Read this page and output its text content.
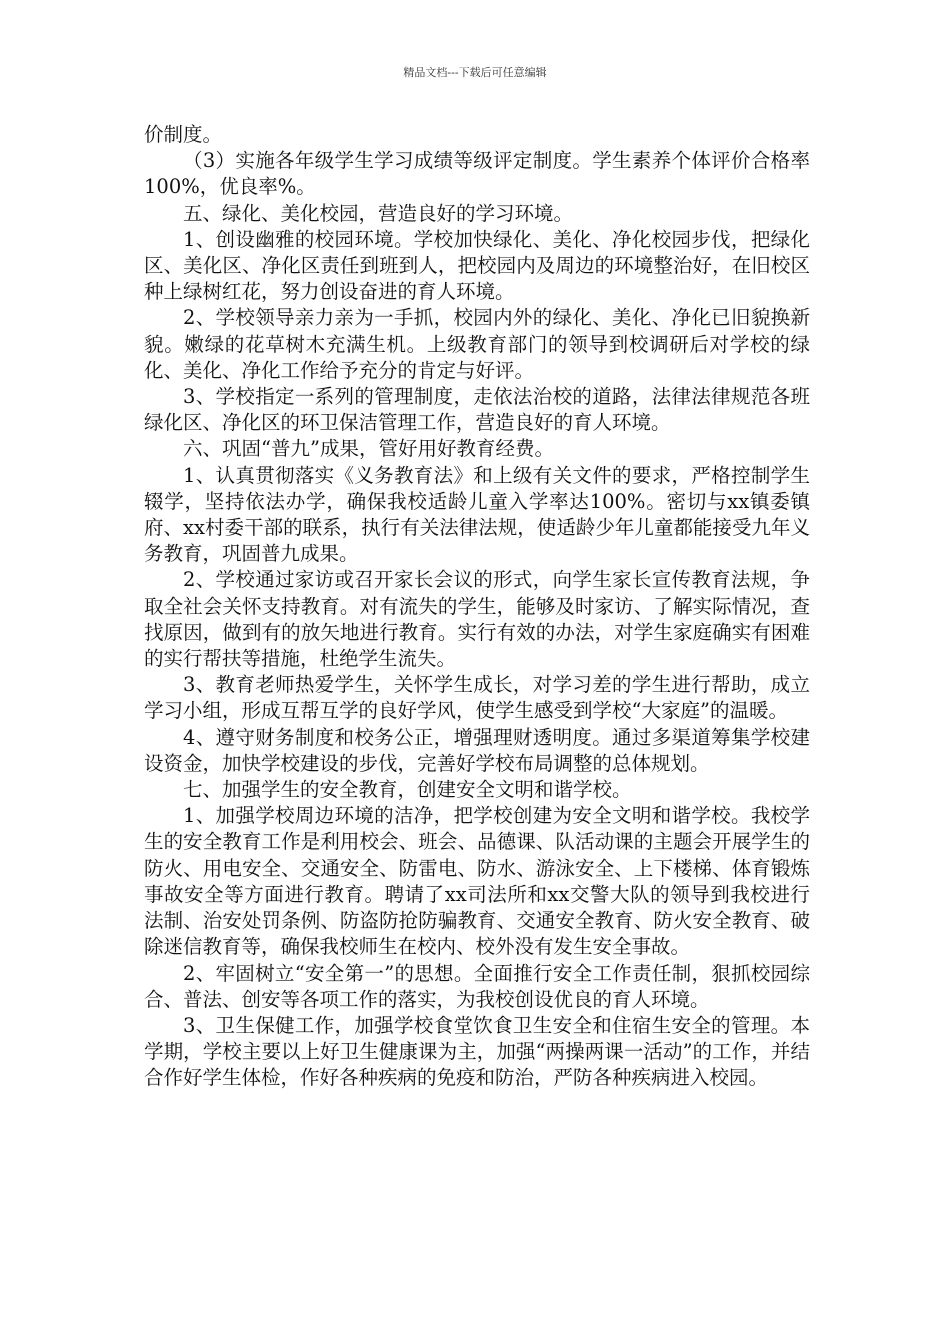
精品文档---下载后可任意编辑

价制度。

（3）实施各年级学生学习成绩等级评定制度。学生素养个体评价合格率100%，优良率%。

五、绿化、美化校园，营造良好的学习环境。

1、创设幽雅的校园环境。学校加快绿化、美化、净化校园步伐，把绿化区、美化区、净化区责任到班到人，把校园内及周边的环境整治好，在旧校区种上绿树红花，努力创设奋进的育人环境。

2、学校领导亲力亲为一手抓，校园内外的绿化、美化、净化已旧貌换新貌。嫩绿的花草树木充满生机。上级教育部门的领导到校调研后对学校的绿化、美化、净化工作给予充分的肯定与好评。

3、学校指定一系列的管理制度，走依法治校的道路，法律法律规范各班绿化区、净化区的环卫保洁管理工作，营造良好的育人环境。

六、巩固“普九”成果，管好用好教育经费。

1、认真贯彻落实《义务教育法》和上级有关文件的要求，严格控制学生辍学，坚持依法办学，确保我校适龄儿童入学率达100%。密切与xx镇委镇府、xx村委干部的联系，执行有关法律法规，使适龄少年儿童都能接受九年义务教育，巩固普九成果。

2、学校通过家访或召开家长会议的形式，向学生家长宣传教育法规，争取全社会关怀支持教育。对有流失的学生，能够及时家访、了解实际情况，查找原因，做到有的放矢地进行教育。实行有效的办法，对学生家庭确实有困难的实行帮扶等措施，杜绝学生流失。

3、教育老师热爱学生，关怀学生成长，对学习差的学生进行帮助，成立学习小组，形成互帮互学的良好学风，使学生感受到学校“大家庭”的温暖。

4、遵守财务制度和校务公正，增强理财透明度。通过多渠道筹集学校建设资金，加快学校建设的步伐，完善好学校布局调整的总体规划。

七、加强学生的安全教育，创建安全文明和谐学校。

1、加强学校周边环境的洁净，把学校创建为安全文明和谐学校。我校学生的安全教育工作是利用校会、班会、品德课、队活动课的主题会开展学生的防火、用电安全、交通安全、防雷电、防水、游泳安全、上下楼梯、体育锻炼事故安全等方面进行教育。聘请了xx司法所和xx交警大队的领导到我校进行法制、治安处罚条例、防盗防抢防骗教育、交通安全教育、防火安全教育、破除迷信教育等，确保我校师生在校内、校外没有发生安全事故。

2、牢固树立“安全第一”的思想。全面推行安全工作责任制，狠抓校园综合、普法、创安等各项工作的落实，为我校创设优良的育人环境。

3、卫生保健工作，加强学校食堂饮食卫生安全和住宿生安全的管理。本学期，学校主要以上好卫生健康课为主，加强“两操两课一活动”的工作，并结合作好学生体检，作好各种疾病的免疫和防治，严防各种疾病进入校园。
